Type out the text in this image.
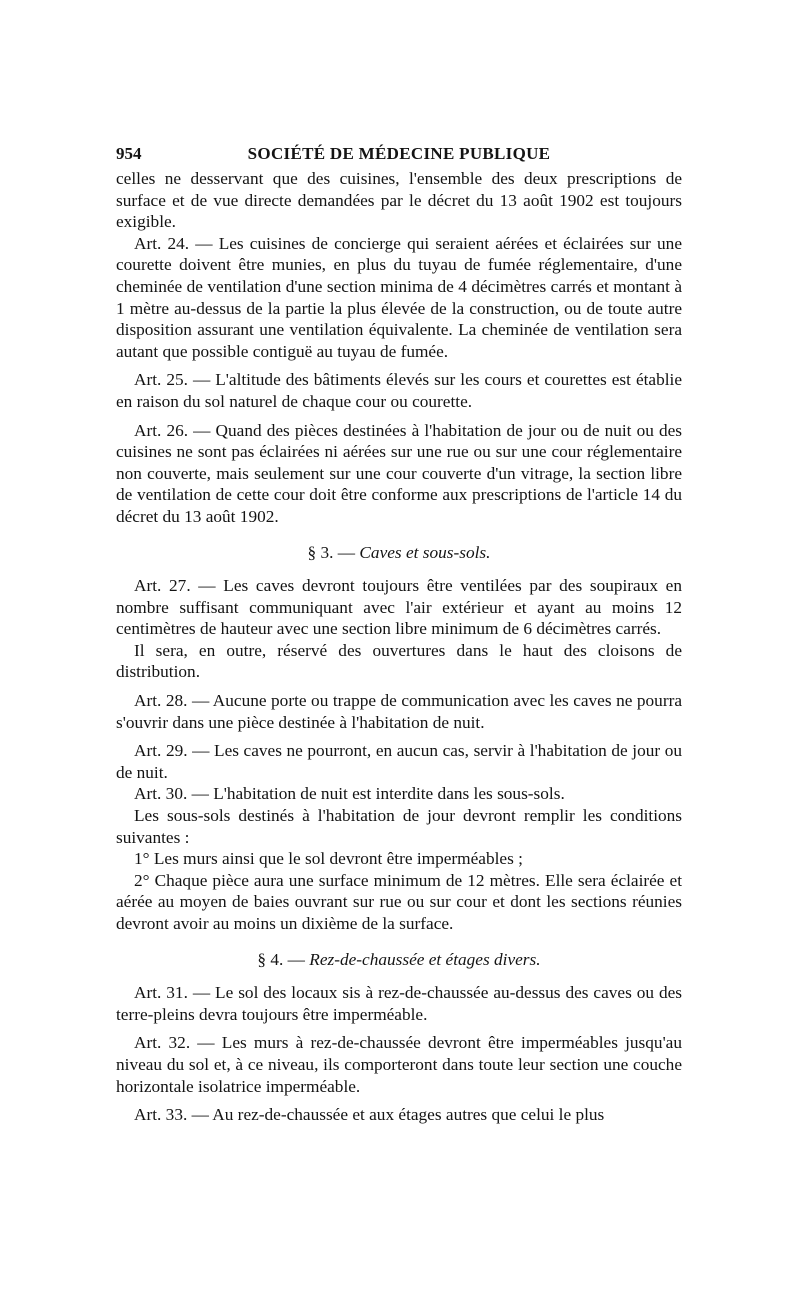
954	SOCIÉTÉ DE MÉDECINE PUBLIQUE

celles ne desservant que des cuisines, l'ensemble des deux prescriptions de surface et de vue directe demandées par le décret du 13 août 1902 est toujours exigible.

Art. 24. — Les cuisines de concierge qui seraient aérées et éclairées sur une courette doivent être munies, en plus du tuyau de fumée réglementaire, d'une cheminée de ventilation d'une section minima de 4 décimètres carrés et montant à 1 mètre au-dessus de la partie la plus élevée de la construction, ou de toute autre disposition assurant une ventilation équivalente. La cheminée de ventilation sera autant que possible contiguë au tuyau de fumée.

Art. 25. — L'altitude des bâtiments élevés sur les cours et courettes est établie en raison du sol naturel de chaque cour ou courette.

Art. 26. — Quand des pièces destinées à l'habitation de jour ou de nuit ou des cuisines ne sont pas éclairées ni aérées sur une rue ou sur une cour réglementaire non couverte, mais seulement sur une cour couverte d'un vitrage, la section libre de ventilation de cette cour doit être conforme aux prescriptions de l'article 14 du décret du 13 août 1902.

§ 3. — Caves et sous-sols.

Art. 27. — Les caves devront toujours être ventilées par des soupiraux en nombre suffisant communiquant avec l'air extérieur et ayant au moins 12 centimètres de hauteur avec une section libre minimum de 6 décimètres carrés.

Il sera, en outre, réservé des ouvertures dans le haut des cloisons de distribution.

Art. 28. — Aucune porte ou trappe de communication avec les caves ne pourra s'ouvrir dans une pièce destinée à l'habitation de nuit.

Art. 29. — Les caves ne pourront, en aucun cas, servir à l'habitation de jour ou de nuit.

Art. 30. — L'habitation de nuit est interdite dans les sous-sols.

Les sous-sols destinés à l'habitation de jour devront remplir les conditions suivantes :

1° Les murs ainsi que le sol devront être imperméables ;

2° Chaque pièce aura une surface minimum de 12 mètres. Elle sera éclairée et aérée au moyen de baies ouvrant sur rue ou sur cour et dont les sections réunies devront avoir au moins un dixième de la surface.

§ 4. — Rez-de-chaussée et étages divers.

Art. 31. — Le sol des locaux sis à rez-de-chaussée au-dessus des caves ou des terre-pleins devra toujours être imperméable.

Art. 32. — Les murs à rez-de-chaussée devront être imperméables jusqu'au niveau du sol et, à ce niveau, ils comporteront dans toute leur section une couche horizontale isolatrice imperméable.

Art. 33. — Au rez-de-chaussée et aux étages autres que celui le plus
